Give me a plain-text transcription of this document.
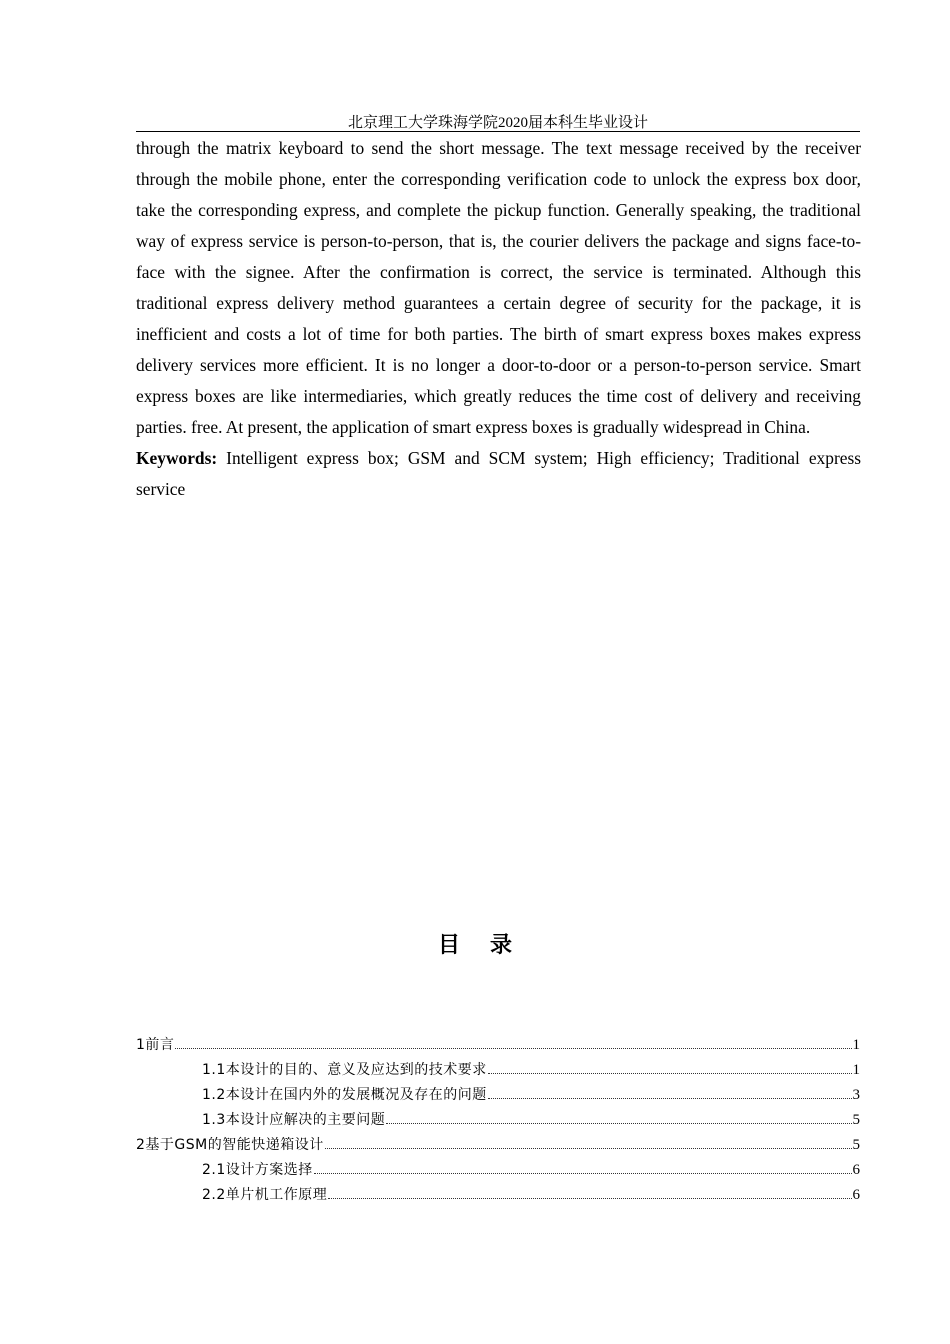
北京理工大学珠海学院2020届本科生毕业设计

through the matrix keyboard to send the short message. The text message received by the receiver through the mobile phone, enter the corresponding verification code to unlock the express box door, take the corresponding express, and complete the pickup function. Generally speaking, the traditional way of express service is person-to-person, that is, the courier delivers the package and signs face-to-face with the signee. After the confirmation is correct, the service is terminated. Although this traditional express delivery method guarantees a certain degree of security for the package, it is inefficient and costs a lot of time for both parties. The birth of smart express boxes makes express delivery services more efficient. It is no longer a door-to-door or a person-to-person service. Smart express boxes are like intermediaries, which greatly reduces the time cost of delivery and receiving parties. free. At present, the application of smart express boxes is gradually widespread in China.

Keywords: Intelligent express box; GSM and SCM system; High efficiency; Traditional express service

目录
1前言	1
1.1本设计的目的、意义及应达到的技术要求	1
1.2本设计在国内外的发展概况及存在的问题	3
1.3本设计应解决的主要问题	5
2基于GSM的智能快递箱设计	5
2.1设计方案选择	6
2.2单片机工作原理	6
